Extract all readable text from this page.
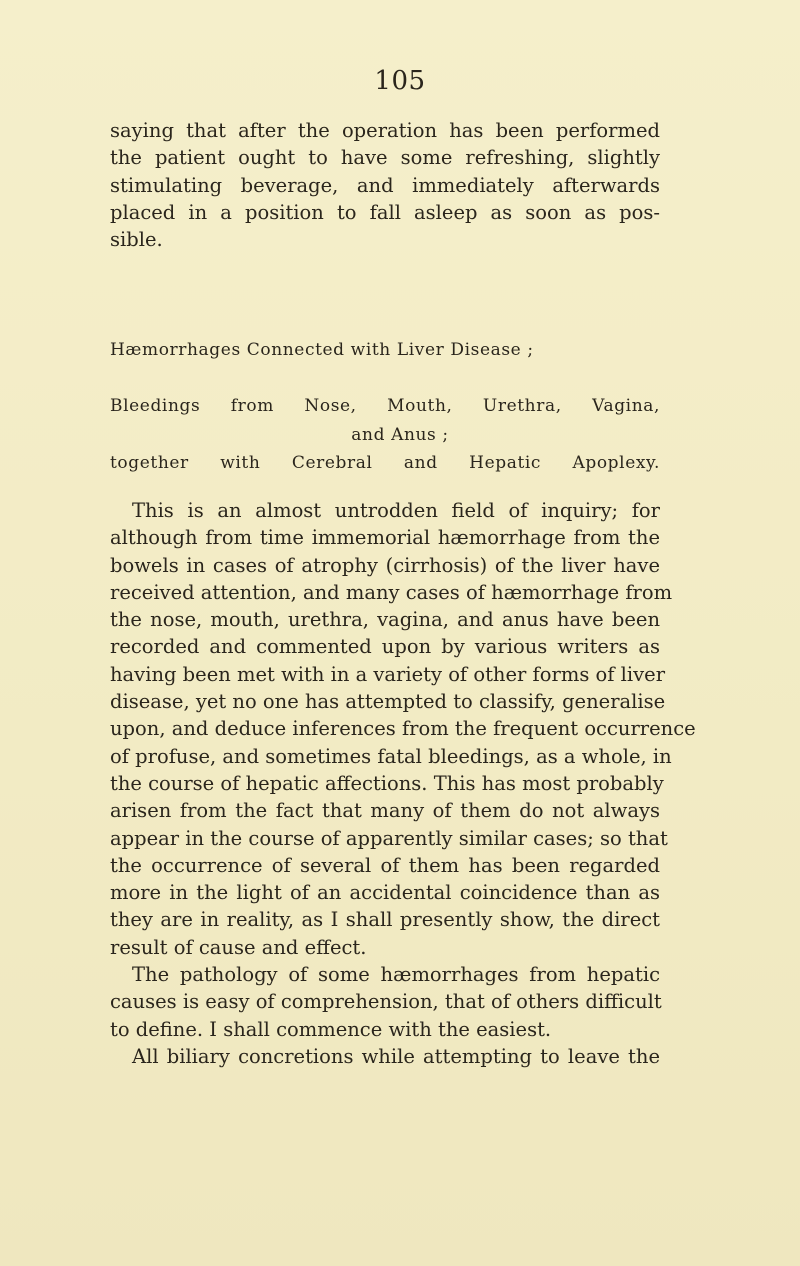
105
saying that after the operation has been performed
the patient ought to have some refreshing, slightly
stimulating beverage, and immediately afterwards
placed in a position to fall asleep as soon as pos-
sible.
Hæmorrhages Connected with Liver Disease ;
Bleedings from Nose, Mouth, Urethra, Vagina,
and Anus ;
together with Cerebral and Hepatic Apoplexy.
This is an almost untrodden field of inquiry; for
although from time immemorial hæmorrhage from the
bowels in cases of atrophy (cirrhosis) of the liver have
received attention, and many cases of hæmorrhage from
the nose, mouth, urethra, vagina, and anus have been
recorded and commented upon by various writers as
having been met with in a variety of other forms of liver
disease, yet no one has attempted to classify, generalise
upon, and deduce inferences from the frequent occurrence
of profuse, and sometimes fatal bleedings, as a whole, in
the course of hepatic affections. This has most probably
arisen from the fact that many of them do not always
appear in the course of apparently similar cases; so that
the occurrence of several of them has been regarded
more in the light of an accidental coincidence than as
they are in reality, as I shall presently show, the direct
result of cause and effect.
The pathology of some hæmorrhages from hepatic
causes is easy of comprehension, that of others difficult
to define. I shall commence with the easiest.
All biliary concretions while attempting to leave the
